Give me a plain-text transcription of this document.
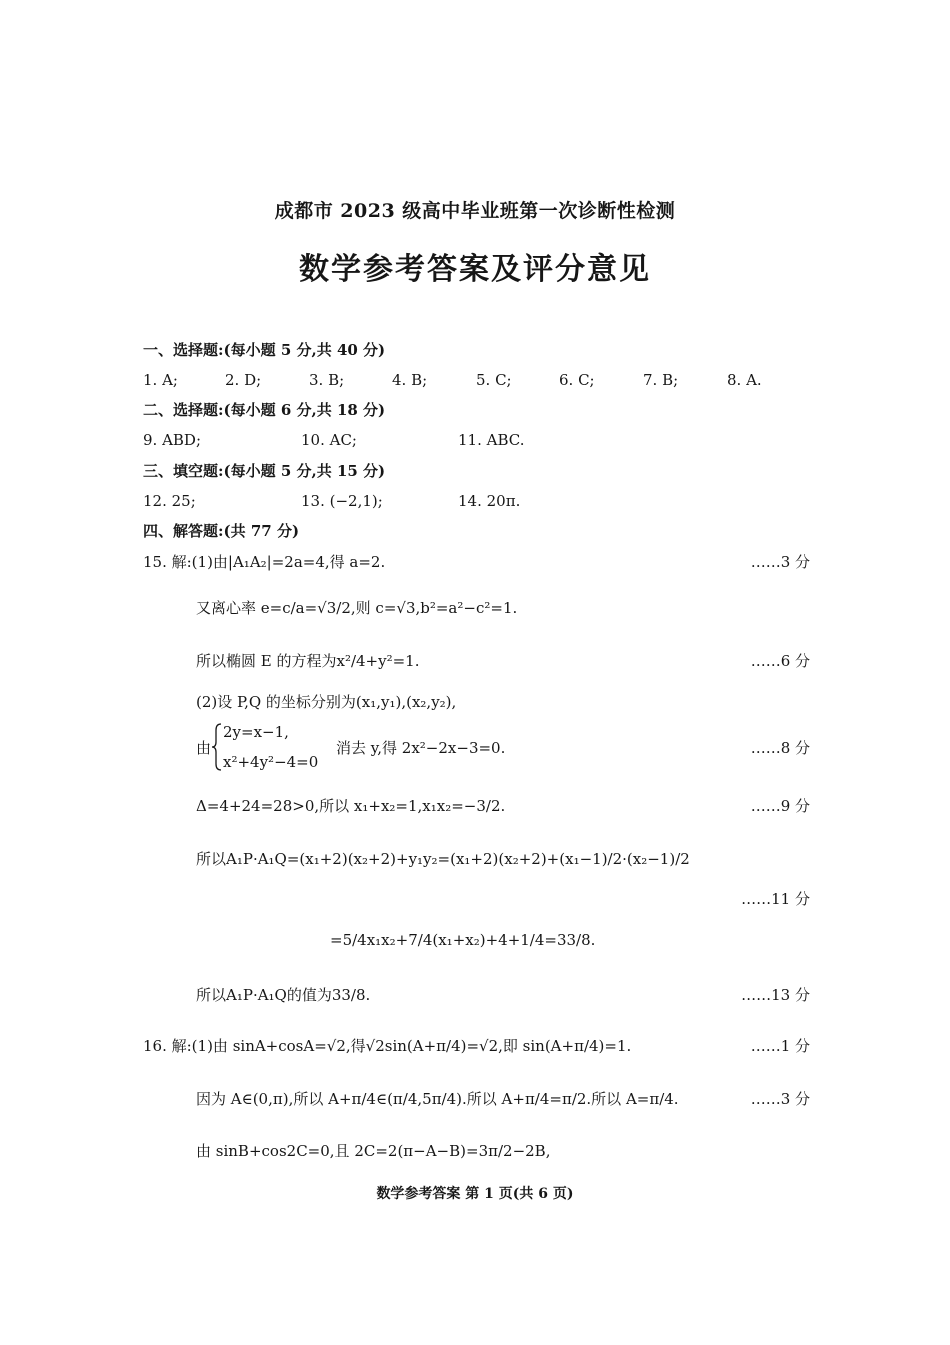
成都市 2023 级高中毕业班第一次诊断性检测
数学参考答案及评分意见
一、选择题:(每小题 5 分,共 40 分)
1. A;	2. D;	3. B;	4. B;	5. C;	6. C;	7. B;	8. A.
二、选择题:(每小题 6 分,共 18 分)
9. ABD;	10. AC;	11. ABC.
三、填空题:(每小题 5 分,共 15 分)
12. 25;	13. (−2,1);	14. 20π.
四、解答题:(共 77 分)
15. 解:(1)由|A₁A₂|=2a=4,得 a=2.	……3 分
又离心率 e=c/a=√3/2,则 c=√3,b²=a²−c²=1.
所以椭圆 E 的方程为x²/4+y²=1.	……6 分
(2)设 P,Q 的坐标分别为(x₁,y₁),(x₂,y₂),
由
2y=x−1,
x²+4y²−4=0
消去 y,得 2x²−2x−3=0.	……8 分
Δ=4+24=28>0,所以 x₁+x₂=1,x₁x₂=−3/2.	……9 分
所以A₁P·A₁Q=(x₁+2)(x₂+2)+y₁y₂=(x₁+2)(x₂+2)+(x₁−1)/2·(x₂−1)/2
……11 分
=5/4x₁x₂+7/4(x₁+x₂)+4+1/4=33/8.
所以A₁P·A₁Q的值为33/8.	……13 分
16. 解:(1)由 sinA+cosA=√2,得√2sin(A+π/4)=√2,即 sin(A+π/4)=1.	……1 分
因为 A∈(0,π),所以 A+π/4∈(π/4,5π/4).所以 A+π/4=π/2.所以 A=π/4.	……3 分
由 sinB+cos2C=0,且 2C=2(π−A−B)=3π/2−2B,
数学参考答案 第 1 页(共 6 页)
